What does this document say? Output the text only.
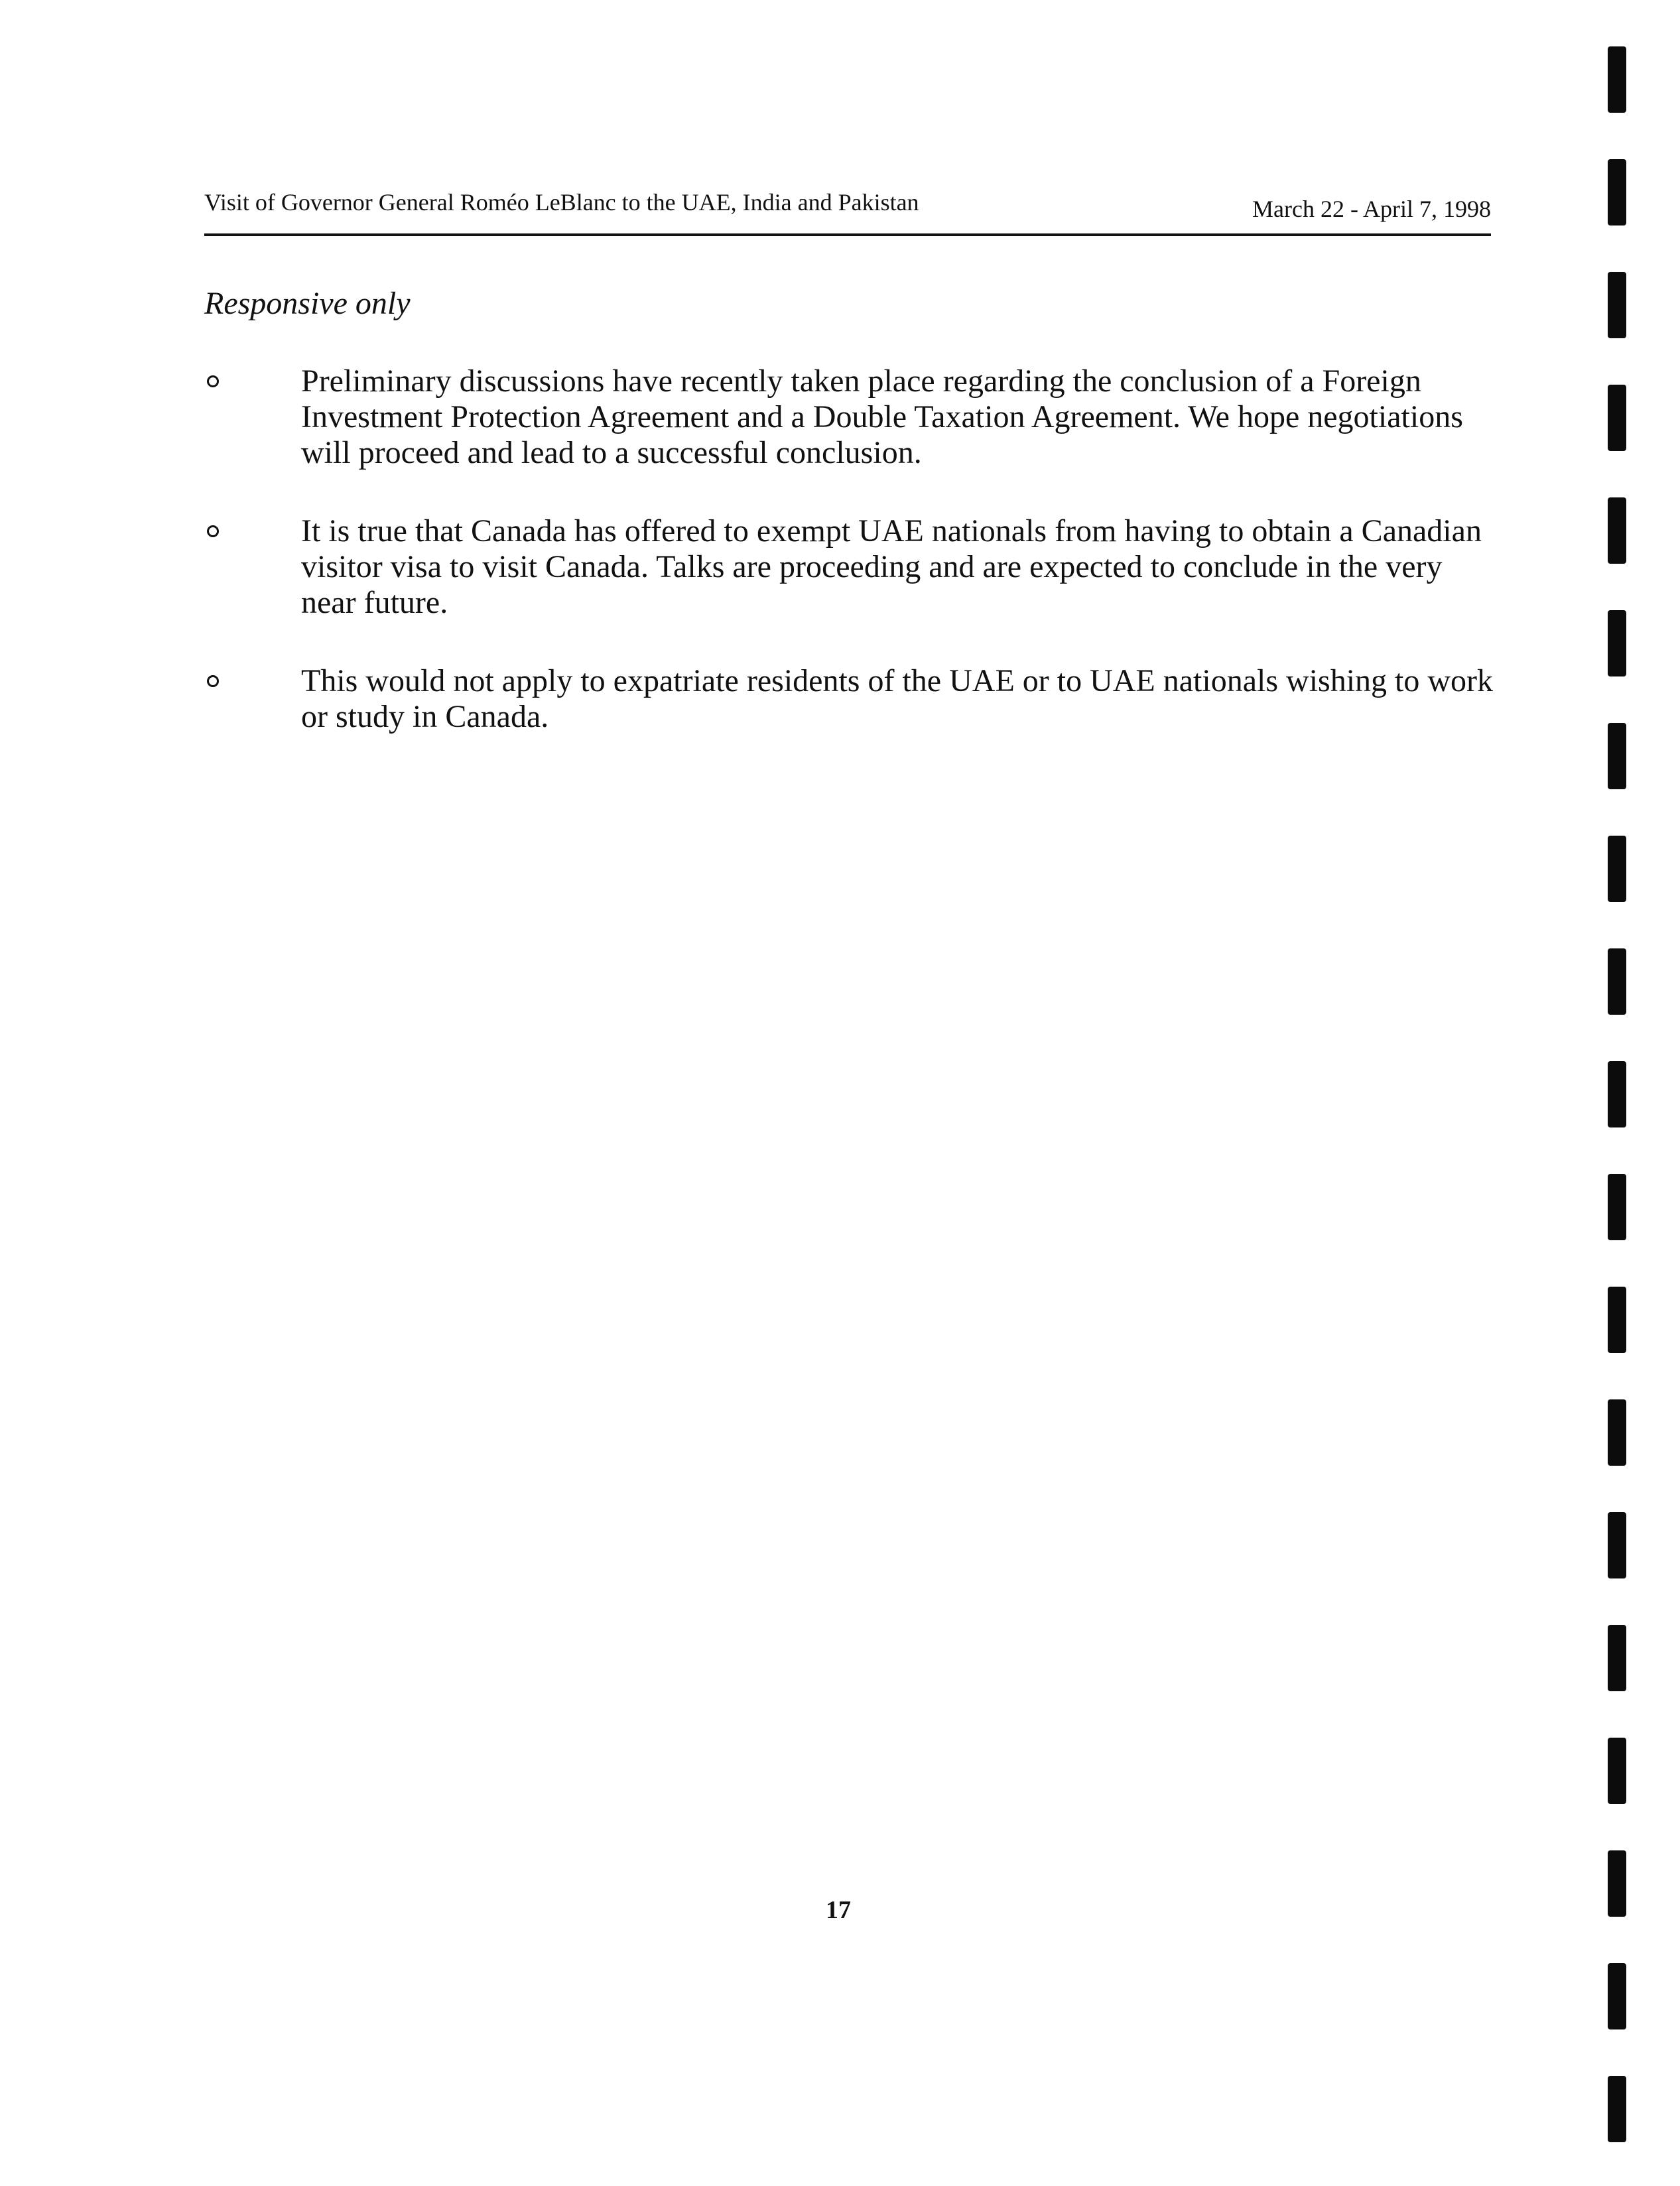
Visit of Governor General Roméo LeBlanc to the UAE, India and Pakistan	March 22 - April 7, 1998
Responsive only
Preliminary discussions have recently taken place regarding the conclusion of a Foreign Investment Protection Agreement and a Double Taxation Agreement. We hope negotiations will proceed and lead to a successful conclusion.
It is true that Canada has offered to exempt UAE nationals from having to obtain a Canadian visitor visa to visit Canada. Talks are proceeding and are expected to conclude in the very near future.
This would not apply to expatriate residents of the UAE or to UAE nationals wishing to work or study in Canada.
17
